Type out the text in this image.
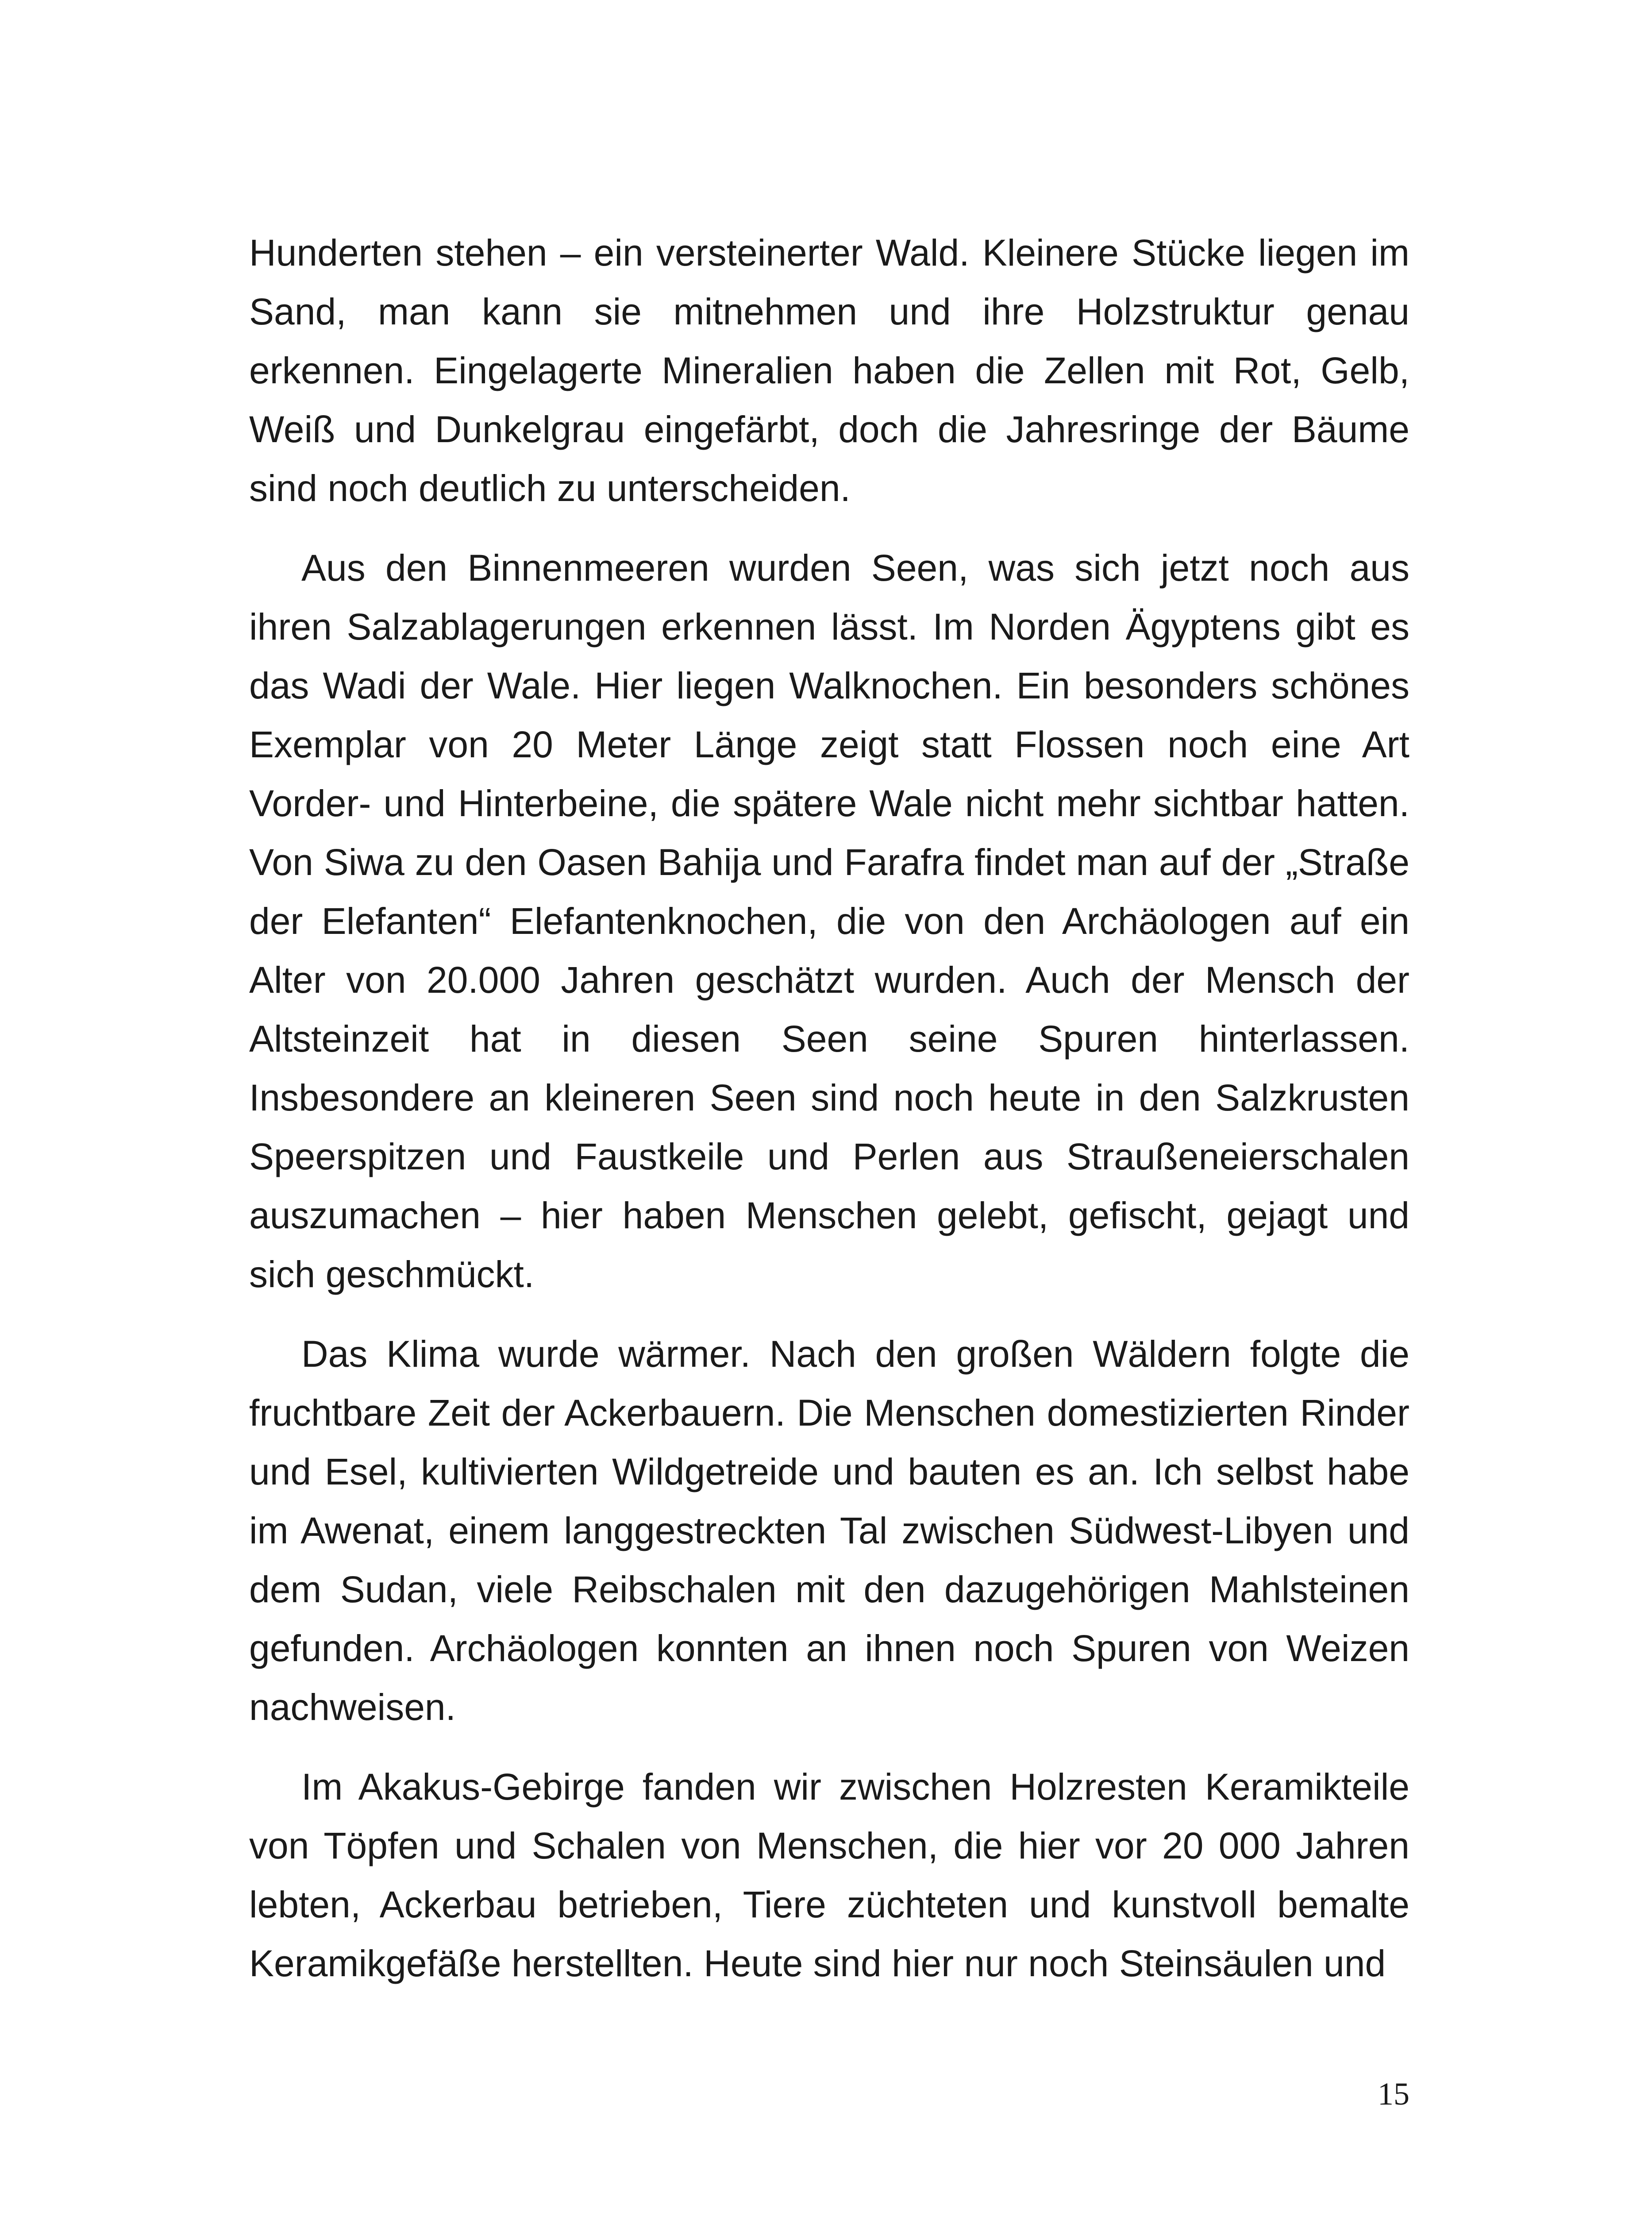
Hunderten stehen – ein versteinerter Wald. Kleinere Stücke liegen im Sand, man kann sie mitnehmen und ihre Holzstruktur genau erkennen. Eingelagerte Mineralien haben die Zellen mit Rot, Gelb, Weiß und Dunkelgrau eingefärbt, doch die Jahresringe der Bäume sind noch deutlich zu unterscheiden.

Aus den Binnenmeeren wurden Seen, was sich jetzt noch aus ihren Salzablagerungen erkennen lässt. Im Norden Ägyptens gibt es das Wadi der Wale. Hier liegen Walknochen. Ein besonders schönes Exemplar von 20 Meter Länge zeigt statt Flossen noch eine Art Vorder- und Hinterbeine, die spätere Wale nicht mehr sichtbar hatten. Von Siwa zu den Oasen Bahija und Farafra findet man auf der „Straße der Elefanten“ Elefantenknochen, die von den Archäologen auf ein Alter von 20.000 Jahren geschätzt wurden. Auch der Mensch der Altsteinzeit hat in diesen Seen seine Spuren hinterlassen. Insbesondere an kleineren Seen sind noch heute in den Salzkrusten Speerspitzen und Faustkeile und Perlen aus Straußeneierschalen auszumachen – hier haben Menschen gelebt, gefischt, gejagt und sich geschmückt.

Das Klima wurde wärmer. Nach den großen Wäldern folgte die fruchtbare Zeit der Ackerbauern. Die Menschen domestizierten Rinder und Esel, kultivierten Wildgetreide und bauten es an. Ich selbst habe im Awenat, einem langgestreckten Tal zwischen Südwest-Libyen und dem Sudan, viele Reibschalen mit den dazugehörigen Mahlsteinen gefunden. Archäologen konnten an ihnen noch Spuren von Weizen nachweisen.

Im Akakus-Gebirge fanden wir zwischen Holzresten Keramikteile von Töpfen und Schalen von Menschen, die hier vor 20 000 Jahren lebten, Ackerbau betrieben, Tiere züchteten und kunstvoll bemalte Keramikgefäße herstellten. Heute sind hier nur noch Steinsäulen und

15
